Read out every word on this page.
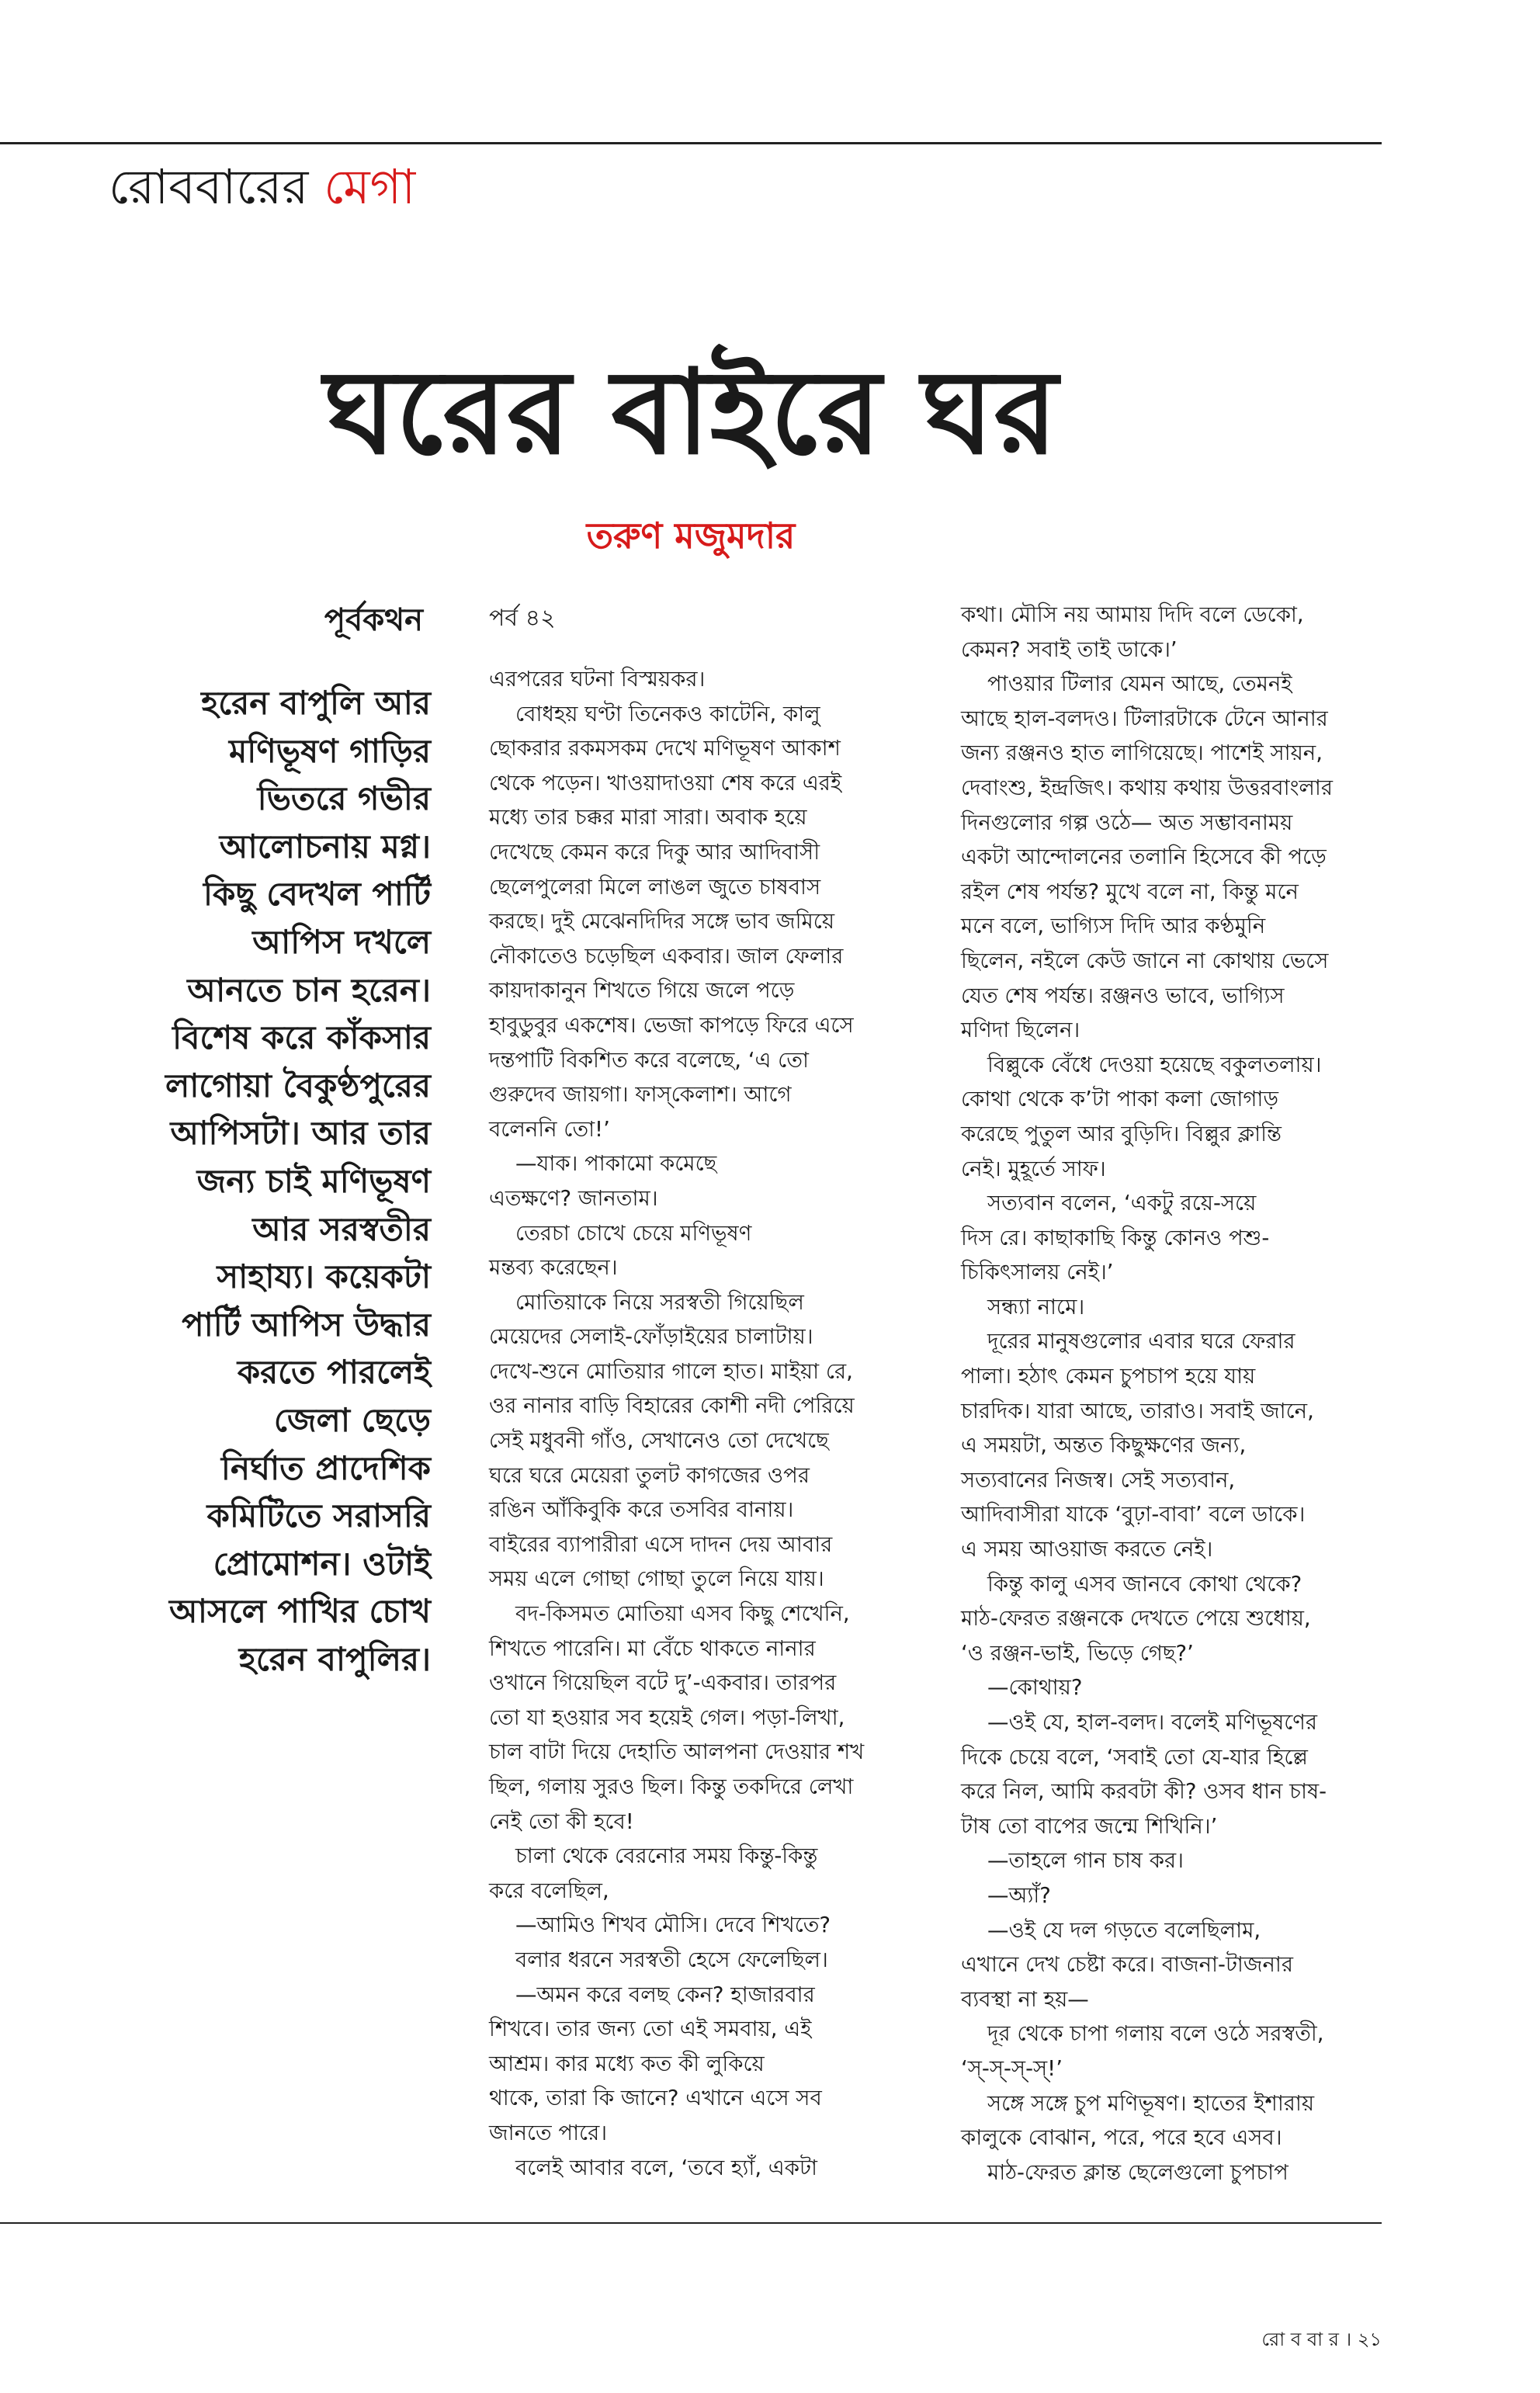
রোববারের মেগা
ঘরের বাইরে ঘর
তরুণ মজুমদার
পূর্বকথন
হরেন বাপুলি আর
মণিভূষণ গাড়ির
ভিতরে গভীর
আলোচনায় মগ্ন।
কিছু বেদখল পার্টি
আপিস দখলে
আনতে চান হরেন।
বিশেষ করে কাঁকসার
লাগোয়া বৈকুণ্ঠপুরের
আপিসটা। আর তার
জন্য চাই মণিভূষণ
আর সরস্বতীর
সাহায্য। কয়েকটা
পার্টি আপিস উদ্ধার
করতে পারলেই
জেলা ছেড়ে
নির্ঘাত প্রাদেশিক
কমিটিতে সরাসরি
প্রোমোশন। ওটাই
আসলে পাখির চোখ
হরেন বাপুলির।
পর্ব ৪২
এরপরের ঘটনা বিস্ময়কর।
বোধহয় ঘণ্টা তিনেকও কাটেনি, কালু
ছোকরার রকমসকম দেখে মণিভূষণ আকাশ
থেকে পড়েন। খাওয়াদাওয়া শেষ করে এরই
মধ্যে তার চক্কর মারা সারা। অবাক হয়ে
দেখেছে কেমন করে দিকু আর আদিবাসী
ছেলেপুলেরা মিলে লাঙল জুতে চাষবাস
করছে। দুই মেঝেনদিদির সঙ্গে ভাব জমিয়ে
নৌকাতেও চড়েছিল একবার। জাল ফেলার
কায়দাকানুন শিখতে গিয়ে জলে পড়ে
হাবুডুবুর একশেষ। ভেজা কাপড়ে ফিরে এসে
দন্তপাটি বিকশিত করে বলেছে, ‘এ তো
গুরুদেব জায়গা। ফাস্‌কেলাশ। আগে
বলেননি তো!’
—যাক। পাকামো কমেছে
এতক্ষণে? জানতাম।
তেরচা চোখে চেয়ে মণিভূষণ
মন্তব্য করেছেন।
মোতিয়াকে নিয়ে সরস্বতী গিয়েছিল
মেয়েদের সেলাই-ফোঁড়াইয়ের চালাটায়।
দেখে-শুনে মোতিয়ার গালে হাত। মাইয়া রে,
ওর নানার বাড়ি বিহারের কোশী নদী পেরিয়ে
সেই মধুবনী গাঁও, সেখানেও তো দেখেছে
ঘরে ঘরে মেয়েরা তুলট কাগজের ওপর
রঙিন আঁকিবুকি করে তসবির বানায়।
বাইরের ব্যাপারীরা এসে দাদন দেয় আবার
সময় এলে গোছা গোছা তুলে নিয়ে যায়।
বদ-কিসমত মোতিয়া এসব কিছু শেখেনি,
শিখতে পারেনি। মা বেঁচে থাকতে নানার
ওখানে গিয়েছিল বটে দু’-একবার। তারপর
তো যা হওয়ার সব হয়েই গেল। পড়া-লিখা,
চাল বাটা দিয়ে দেহাতি আলপনা দেওয়ার শখ
ছিল, গলায় সুরও ছিল। কিন্তু তকদিরে লেখা
নেই তো কী হবে!
চালা থেকে বেরনোর সময় কিন্তু-কিন্তু
করে বলেছিল,
—আমিও শিখব মৌসি। দেবে শিখতে?
বলার ধরনে সরস্বতী হেসে ফেলেছিল।
—অমন করে বলছ কেন? হাজারবার
শিখবে। তার জন্য তো এই সমবায়, এই
আশ্রম। কার মধ্যে কত কী লুকিয়ে
থাকে, তারা কি জানে? এখানে এসে সব
জানতে পারে।
বলেই আবার বলে, ‘তবে হ্যাঁ, একটা
কথা। মৌসি নয় আমায় দিদি বলে ডেকো,
কেমন? সবাই তাই ডাকে।’
পাওয়ার টিলার যেমন আছে, তেমনই
আছে হাল-বলদও। টিলারটাকে টেনে আনার
জন্য রঞ্জনও হাত লাগিয়েছে। পাশেই সায়ন,
দেবাংশু, ইন্দ্রজিৎ। কথায় কথায় উত্তরবাংলার
দিনগুলোর গল্প ওঠে— অত সম্ভাবনাময়
একটা আন্দোলনের তলানি হিসেবে কী পড়ে
রইল শেষ পর্যন্ত? মুখে বলে না, কিন্তু মনে
মনে বলে, ভাগ্যিস দিদি আর কণ্ঠমুনি
ছিলেন, নইলে কেউ জানে না কোথায় ভেসে
যেত শেষ পর্যন্ত। রঞ্জনও ভাবে, ভাগ্যিস
মণিদা ছিলেন।
বিল্লুকে বেঁধে দেওয়া হয়েছে বকুলতলায়।
কোথা থেকে ক’টা পাকা কলা জোগাড়
করেছে পুতুল আর বুড়িদি। বিল্লুর ক্লান্তি
নেই। মুহূর্তে সাফ।
সত্যবান বলেন, ‘একটু রয়ে-সয়ে
দিস রে। কাছাকাছি কিন্তু কোনও পশু-
চিকিৎসালয় নেই।’
সন্ধ্যা নামে।
দূরের মানুষগুলোর এবার ঘরে ফেরার
পালা। হঠাৎ কেমন চুপচাপ হয়ে যায়
চারদিক। যারা আছে, তারাও। সবাই জানে,
এ সময়টা, অন্তত কিছুক্ষণের জন্য,
সত্যবানের নিজস্ব। সেই সত্যবান,
আদিবাসীরা যাকে ‘বুঢ়া-বাবা’ বলে ডাকে।
এ সময় আওয়াজ করতে নেই।
কিন্তু কালু এসব জানবে কোথা থেকে?
মাঠ-ফেরত রঞ্জনকে দেখতে পেয়ে শুধোয়,
‘ও রঞ্জন-ভাই, ভিড়ে গেছ?’
—কোথায়?
—ওই যে, হাল-বলদ। বলেই মণিভূষণের
দিকে চেয়ে বলে, ‘সবাই তো যে-যার হিল্লে
করে নিল, আমি করবটা কী? ওসব ধান চাষ-
টাষ তো বাপের জন্মে শিখিনি।’
—তাহলে গান চাষ কর।
—অ্যাঁ?
—ওই যে দল গড়তে বলেছিলাম,
এখানে দেখ চেষ্টা করে। বাজনা-টাজনার
ব্যবস্থা না হয়—
দূর থেকে চাপা গলায় বলে ওঠে সরস্বতী,
‘স্-স্-স্-স্!’
সঙ্গে সঙ্গে চুপ মণিভূষণ। হাতের ইশারায়
কালুকে বোঝান, পরে, পরে হবে এসব।
মাঠ-ফেরত ক্লান্ত ছেলেগুলো চুপচাপ
রো ব বা র । ২১
